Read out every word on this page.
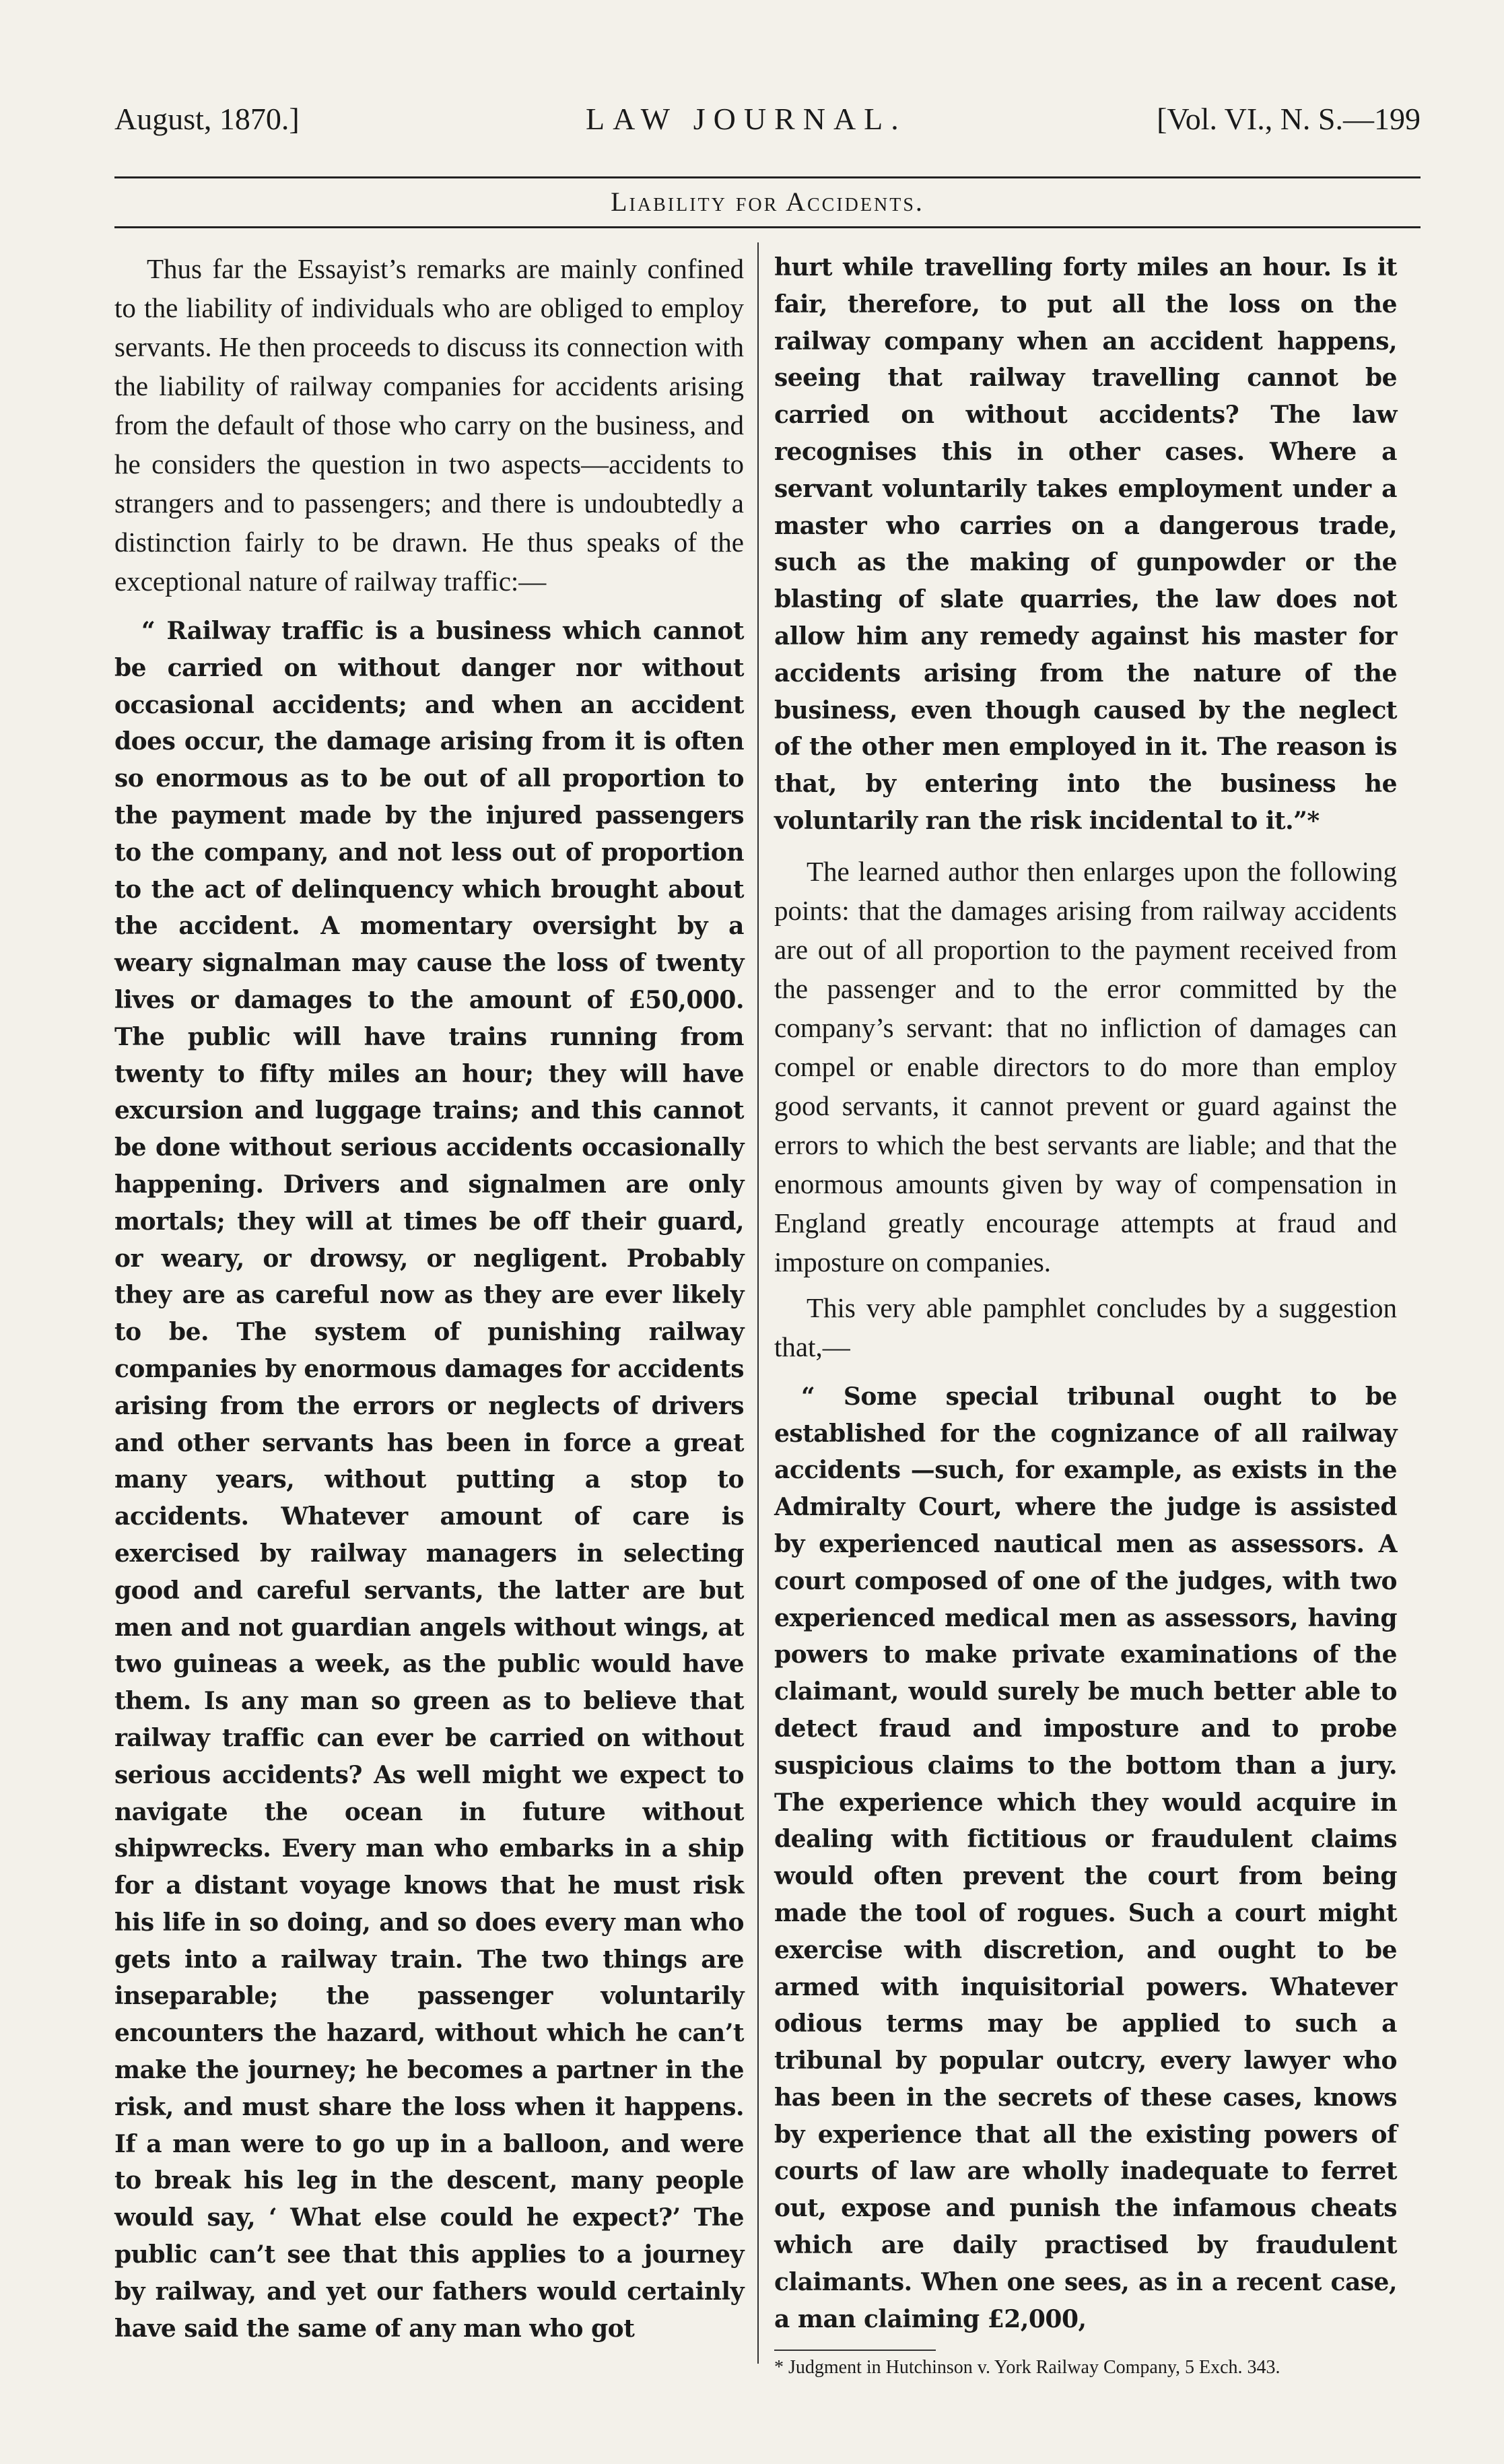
August, 1870.]	LAW JOURNAL.	[Vol. VI., N. S.—199
Liability for Accidents.

Thus far the Essayist’s remarks are mainly confined to the liability of individuals who are obliged to employ servants. He then proceeds to discuss its connection with the liability of railway companies for accidents arising from the default of those who carry on the business, and he considers the question in two aspects—accidents to strangers and to passengers; and there is undoubtedly a distinction fairly to be drawn. He thus speaks of the exceptional nature of railway traffic:—

“ Railway traffic is a business which cannot be carried on without danger nor without occasional accidents; and when an accident does occur, the damage arising from it is often so enormous as to be out of all proportion to the payment made by the injured passengers to the company, and not less out of proportion to the act of delinquency which brought about the accident. A momentary oversight by a weary signalman may cause the loss of twenty lives or damages to the amount of £50,000. The public will have trains running from twenty to fifty miles an hour; they will have excursion and luggage trains; and this cannot be done without serious accidents occasionally happening. Drivers and signalmen are only mortals; they will at times be off their guard, or weary, or drowsy, or negligent. Probably they are as careful now as they are ever likely to be. The system of punishing railway companies by enormous damages for accidents arising from the errors or neglects of drivers and other servants has been in force a great many years, without putting a stop to accidents. Whatever amount of care is exercised by railway managers in selecting good and careful servants, the latter are but men and not guardian angels without wings, at two guineas a week, as the public would have them. Is any man so green as to believe that railway traffic can ever be carried on without serious accidents? As well might we expect to navigate the ocean in future without shipwrecks. Every man who embarks in a ship for a distant voyage knows that he must risk his life in so doing, and so does every man who gets into a railway train. The two things are inseparable; the passenger voluntarily encounters the hazard, without which he can’t make the journey; he becomes a partner in the risk, and must share the loss when it happens. If a man were to go up in a balloon, and were to break his leg in the descent, many people would say, ‘ What else could he expect?’ The public can’t see that this applies to a journey by railway, and yet our fathers would certainly have said the same of any man who got

hurt while travelling forty miles an hour. Is it fair, therefore, to put all the loss on the railway company when an accident happens, seeing that railway travelling cannot be carried on without accidents? The law recognises this in other cases. Where a servant voluntarily takes employment under a master who carries on a dangerous trade, such as the making of gunpowder or the blasting of slate quarries, the law does not allow him any remedy against his master for accidents arising from the nature of the business, even though caused by the neglect of the other men employed in it. The reason is that, by entering into the business he voluntarily ran the risk incidental to it.”*

The learned author then enlarges upon the following points: that the damages arising from railway accidents are out of all proportion to the payment received from the passenger and to the error committed by the company’s servant: that no infliction of damages can compel or enable directors to do more than employ good servants, it cannot prevent or guard against the errors to which the best servants are liable; and that the enormous amounts given by way of compensation in England greatly encourage attempts at fraud and imposture on companies.

This very able pamphlet concludes by a suggestion that,—

“ Some special tribunal ought to be established for the cognizance of all railway accidents —such, for example, as exists in the Admiralty Court, where the judge is assisted by experienced nautical men as assessors. A court composed of one of the judges, with two experienced medical men as assessors, having powers to make private examinations of the claimant, would surely be much better able to detect fraud and imposture and to probe suspicious claims to the bottom than a jury. The experience which they would acquire in dealing with fictitious or fraudulent claims would often prevent the court from being made the tool of rogues. Such a court might exercise with discretion, and ought to be armed with inquisitorial powers. Whatever odious terms may be applied to such a tribunal by popular outcry, every lawyer who has been in the secrets of these cases, knows by experience that all the existing powers of courts of law are wholly inadequate to ferret out, expose and punish the infamous cheats which are daily practised by fraudulent claimants. When one sees, as in a recent case, a man claiming £2,000,

* Judgment in Hutchinson v. York Railway Company, 5 Exch. 343.
